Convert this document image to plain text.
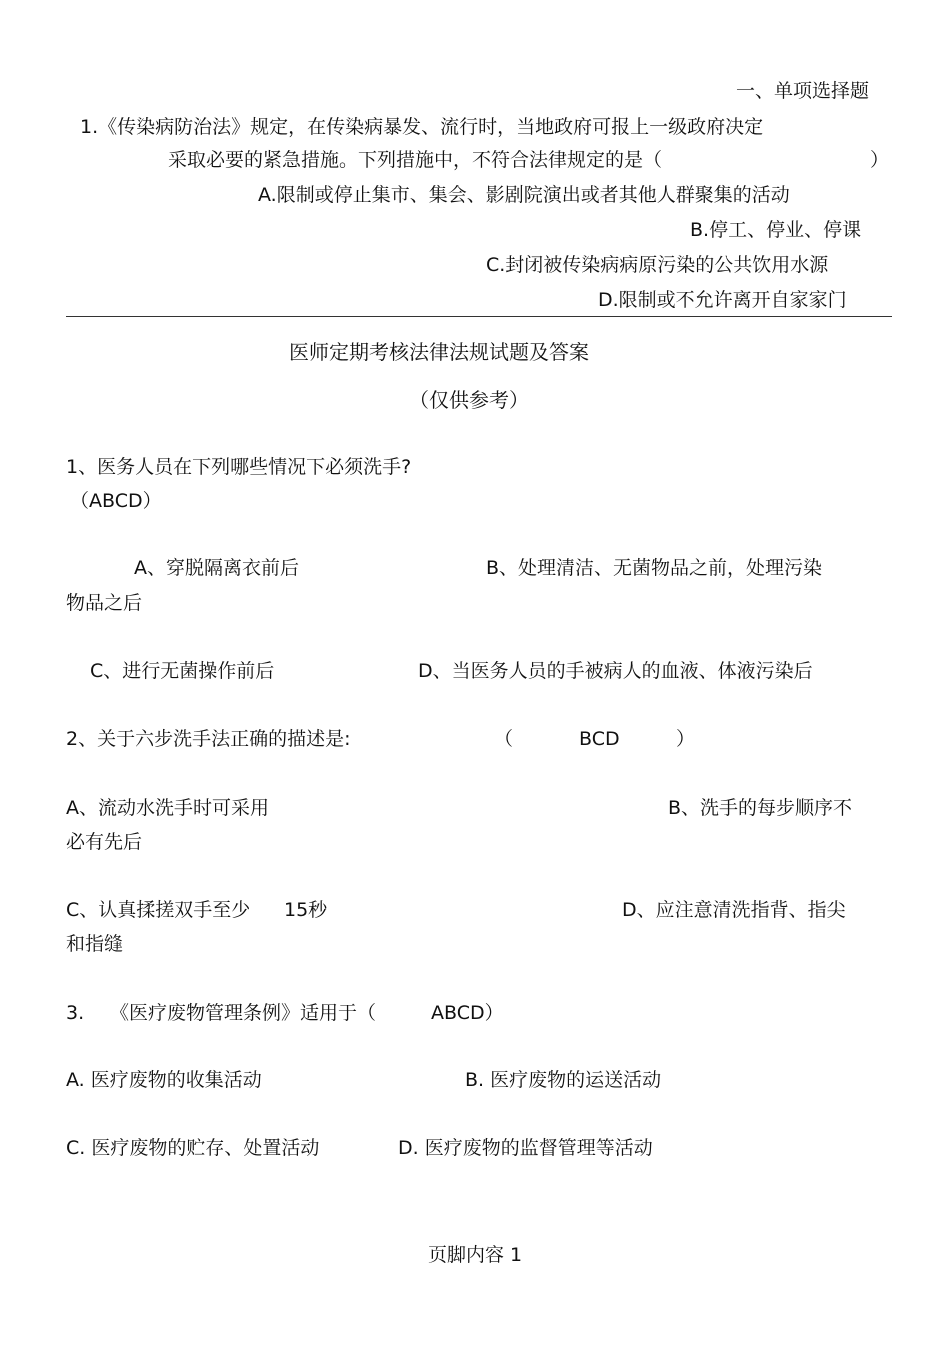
一、单项选择题
1.《传染病防治法》规定，在传染病暴发、流行时，当地政府可报上一级政府决定
采取必要的紧急措施。下列措施中，不符合法律规定的是（	）
A.限制或停止集市、集会、影剧院演出或者其他人群聚集的活动
B.停工、停业、停课
C.封闭被传染病病原污染的公共饮用水源
D.限制或不允许离开自家家门
医师定期考核法律法规试题及答案
（仅供参考）
1、医务人员在下列哪些情况下必须洗手?
（ABCD）
A、穿脱隔离衣前后	B、处理清洁、无菌物品之前，处理污染
物品之后
C、进行无菌操作前后	D、当医务人员的手被病人的血液、体液污染后
2、关于六步洗手法正确的描述是:	（	BCD	）
A、流动水洗手时可采用	B、洗手的每步顺序不
必有先后
C、认真揉搓双手至少 15秒	D、应注意清洗指背、指尖
和指缝
3. 《医疗废物管理条例》适用于（	ABCD）
A. 医疗废物的收集活动	B. 医疗废物的运送活动
C. 医疗废物的贮存、处置活动	D. 医疗废物的监督管理等活动
页脚内容 1
